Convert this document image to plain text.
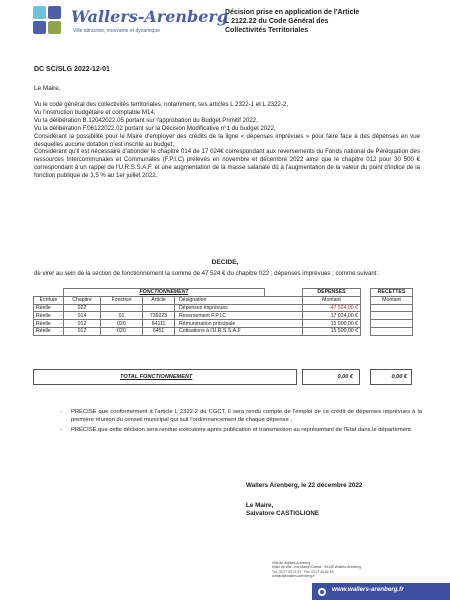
Wallers-Arenberg
Ville attractive, innovante et dynamique
Décision prise en application de l'Article
L 2122.22 du Code Général des
Collectivités Territoriales
DC SC/SLG 2022-12-01
Le Maire,

Vu le code général des collectivités territoriales, notamment, ses articles L 2322-1 et L 2322-2,

Vu l'instruction budgétaire et comptable M14,

Vu la délibération B.12042022.05 portant sur l'approbation du Budget Primitif 2022,

Vu la délibération F.06122022.02 portant sur la Décision Modificative n°1 du budget 2022,

Considérant la possibilité pour le Maire d'employer des crédits de la ligne « dépenses imprévues » pour faire face à des dépenses en vue desquelles aucune dotation n'est inscrite au budget,

Considérant qu'il est nécessaire d'abonder le chapitre 014 de 17 024€ correspondant aux reversements du Fonds national de Péréquation des ressources Intercommunales et Communales (F.P.I.C) prélevés en novembre et décembre 2022 ainsi que le chapitre 012 pour 30 500 € correspondant à un rappel de l'U.R.S.S.A.F. et une augmentation de la masse salariale dû à l'augmentation de la valeur du point d'indice de la fonction publique de 3,5 % au 1er juillet 2022.

DECIDE,
de virer au sein de la section de fonctionnement la somme de 47 524 € du chapitre 022 ; dépenses imprévues ; comme suivant :
	FONCTIONNEMENT					DÉPENSES		RECETTES
Ecriture	Chapitre	Fonction	Article	Désignation		Montant		Montant
Réelle	022			Dépenses imprévues		-47 524,00 €		
Réelle	014	01	739223	Reversement F.P.I.C		17 024,00 €		
Réelle	012	020	64111	Rémunération principale		15 000,00 €		
Réelle	012	020	6451	Cotisations à l'U.R.S.S.A.F		15 500,00 €		
TOTAL FONCTIONNEMENT	0,00 €	0,00 €
- PRÉCISE que conformément à l'article L 2322-2 du CGCT, il sera rendu compte de l'emploi de ce crédit de dépenses imprévues à la première réunion du conseil municipal qui suit l'ordonnancement de chaque dépense ;
- PRÉCISE que cette décision sera rendue exécutoire après publication et transmission au représentant de l'Etat dans le département.
Wallers Arenberg, le 22 décembre 2022
Le Maire,
Salvatore CASTIGLIONE
Ville de Wallers-Arenberg
Hôtel de ville - rue Marcel Danna · 59135 Wallers-Arenberg
Tél. 03 27 43 74 97 · Fax 03 27 45 82 48
contact@wallers-arenberg.fr
www.wallers-arenberg.fr
